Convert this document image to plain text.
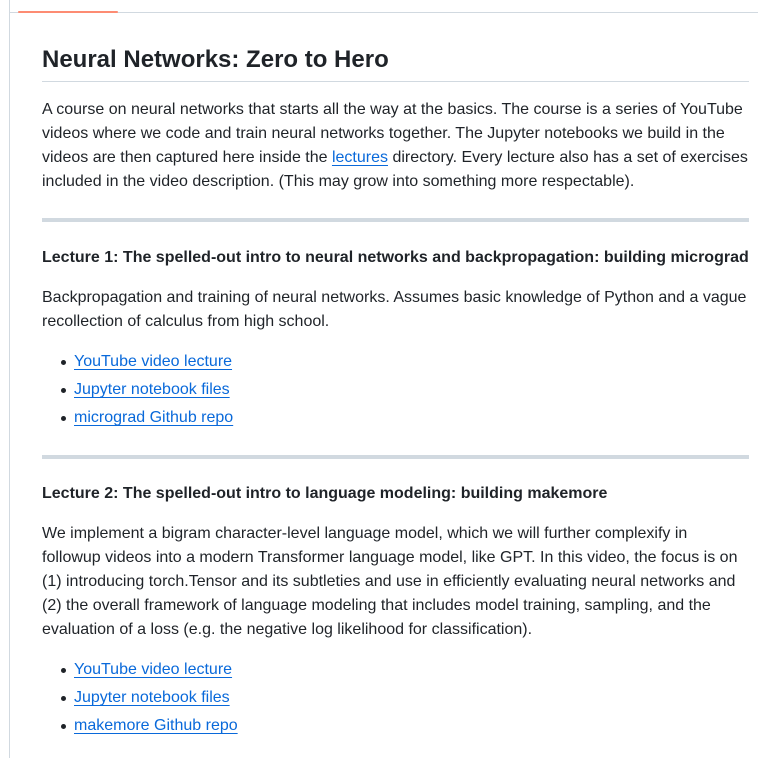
Neural Networks: Zero to Hero

A course on neural networks that starts all the way at the basics. The course is a series of YouTube videos where we code and train neural networks together. The Jupyter notebooks we build in the videos are then captured here inside the lectures directory. Every lecture also has a set of exercises included in the video description. (This may grow into something more respectable).

Lecture 1: The spelled-out intro to neural networks and backpropagation: building micrograd

Backpropagation and training of neural networks. Assumes basic knowledge of Python and a vague recollection of calculus from high school.

YouTube video lecture
Jupyter notebook files
micrograd Github repo
Lecture 2: The spelled-out intro to language modeling: building makemore

We implement a bigram character-level language model, which we will further complexify in followup videos into a modern Transformer language model, like GPT. In this video, the focus is on (1) introducing torch.Tensor and its subtleties and use in efficiently evaluating neural networks and (2) the overall framework of language modeling that includes model training, sampling, and the evaluation of a loss (e.g. the negative log likelihood for classification).

YouTube video lecture
Jupyter notebook files
makemore Github repo
